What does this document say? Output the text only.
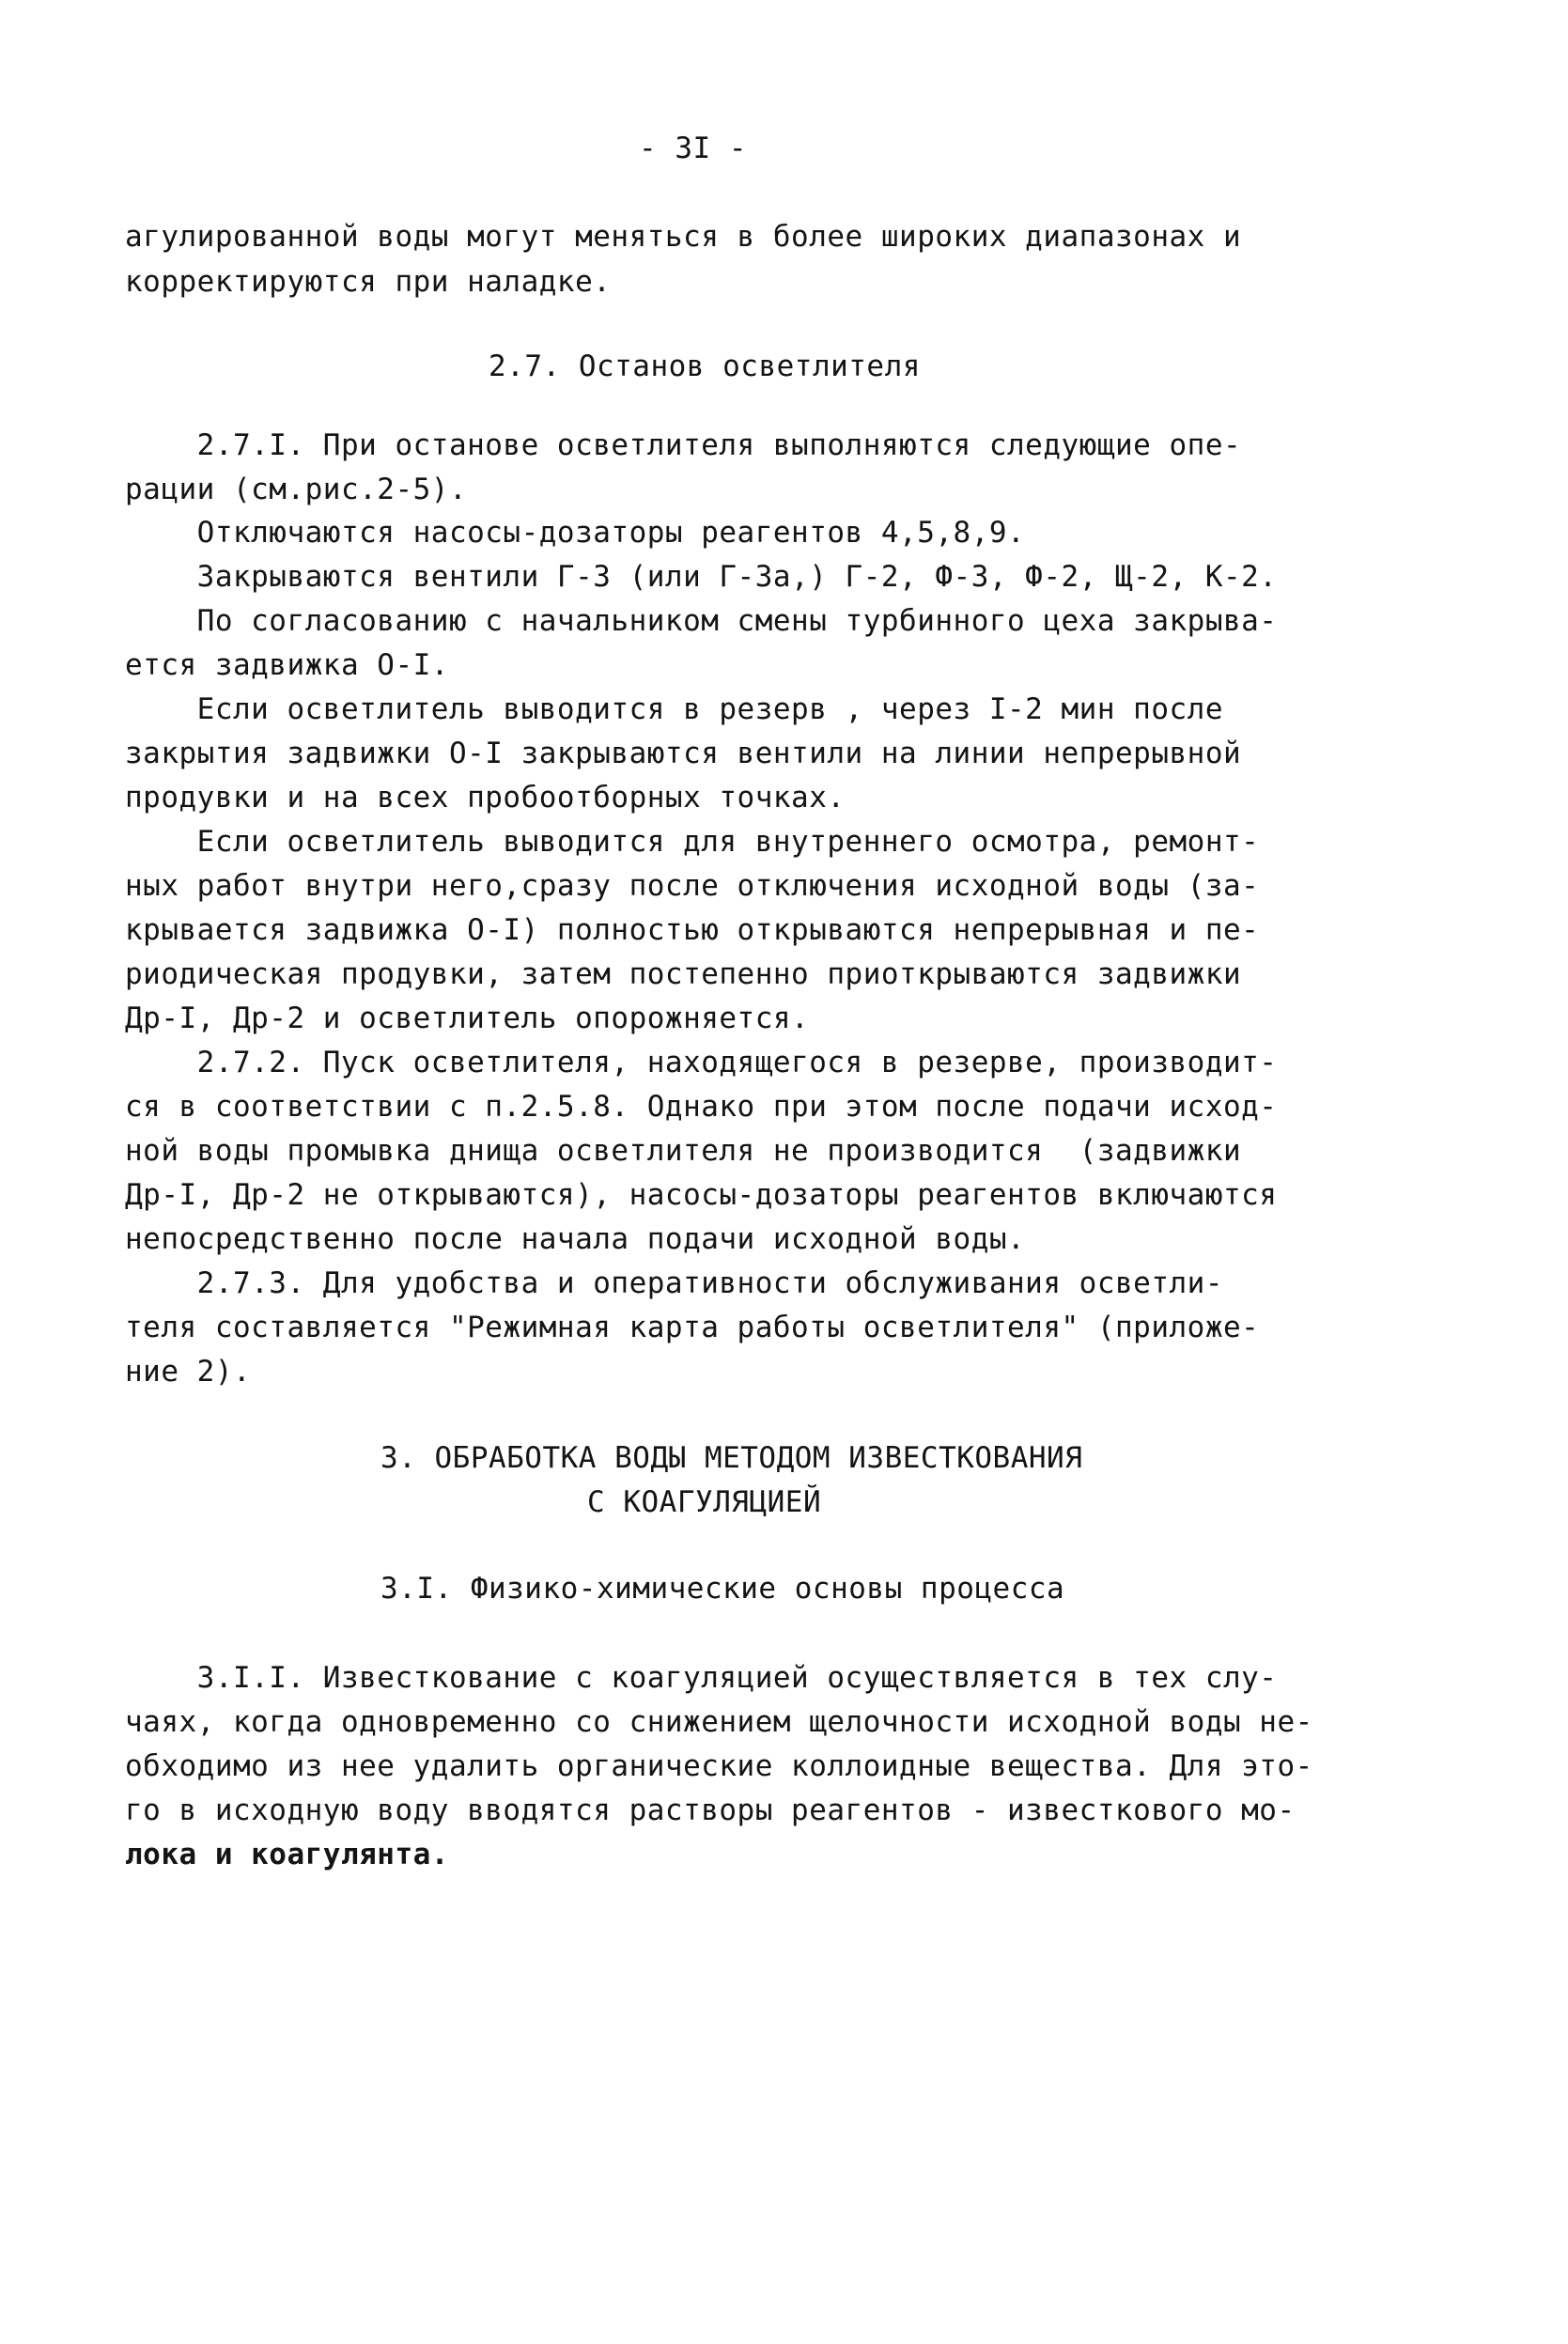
- 3I -
агулированной воды могут меняться в более широких диапазонах и
корректируются при наладке.
2.7. Останов осветлителя
2.7.I. При останове осветлителя выполняются следующие опе-
рации (см.рис.2-5).
Отключаются насосы-дозаторы реагентов 4,5,8,9.
Закрываются вентили Г-3 (или Г-3а,) Г-2, Ф-3, Ф-2, Щ-2, К-2.
По согласованию с начальником смены турбинного цеха закрыва-
ется задвижка О-I.
Если осветлитель выводится в резерв , через I-2 мин после
закрытия задвижки О-I закрываются вентили на линии непрерывной
продувки и на всех пробоотборных точках.
Если осветлитель выводится для внутреннего осмотра, ремонт-
ных работ внутри него,сразу после отключения исходной воды (за-
крывается задвижка О-I) полностью открываются непрерывная и пе-
риодическая продувки, затем постепенно приоткрываются задвижки
Др-I, Др-2 и осветлитель опорожняется.
2.7.2. Пуск осветлителя, находящегося в резерве, производит-
ся в соответствии с п.2.5.8. Однако при этом после подачи исход-
ной воды промывка днища осветлителя не производится  (задвижки
Др-I, Др-2 не открываются), насосы-дозаторы реагентов включаются
непосредственно после начала подачи исходной воды.
2.7.3. Для удобства и оперативности обслуживания осветли-
теля составляется "Режимная карта работы осветлителя" (приложе-
ние 2).
3. ОБРАБОТКА ВОДЫ МЕТОДОМ ИЗВЕСТКОВАНИЯ
С КОАГУЛЯЦИЕЙ
3.I. Физико-химические основы процесса
3.I.I. Известкование с коагуляцией осуществляется в тех слу-
чаях, когда одновременно со снижением щелочности исходной воды не-
обходимо из нее удалить органические коллоидные вещества. Для это-
го в исходную воду вводятся растворы реагентов - известкового мо-
лока и коагулянта.
